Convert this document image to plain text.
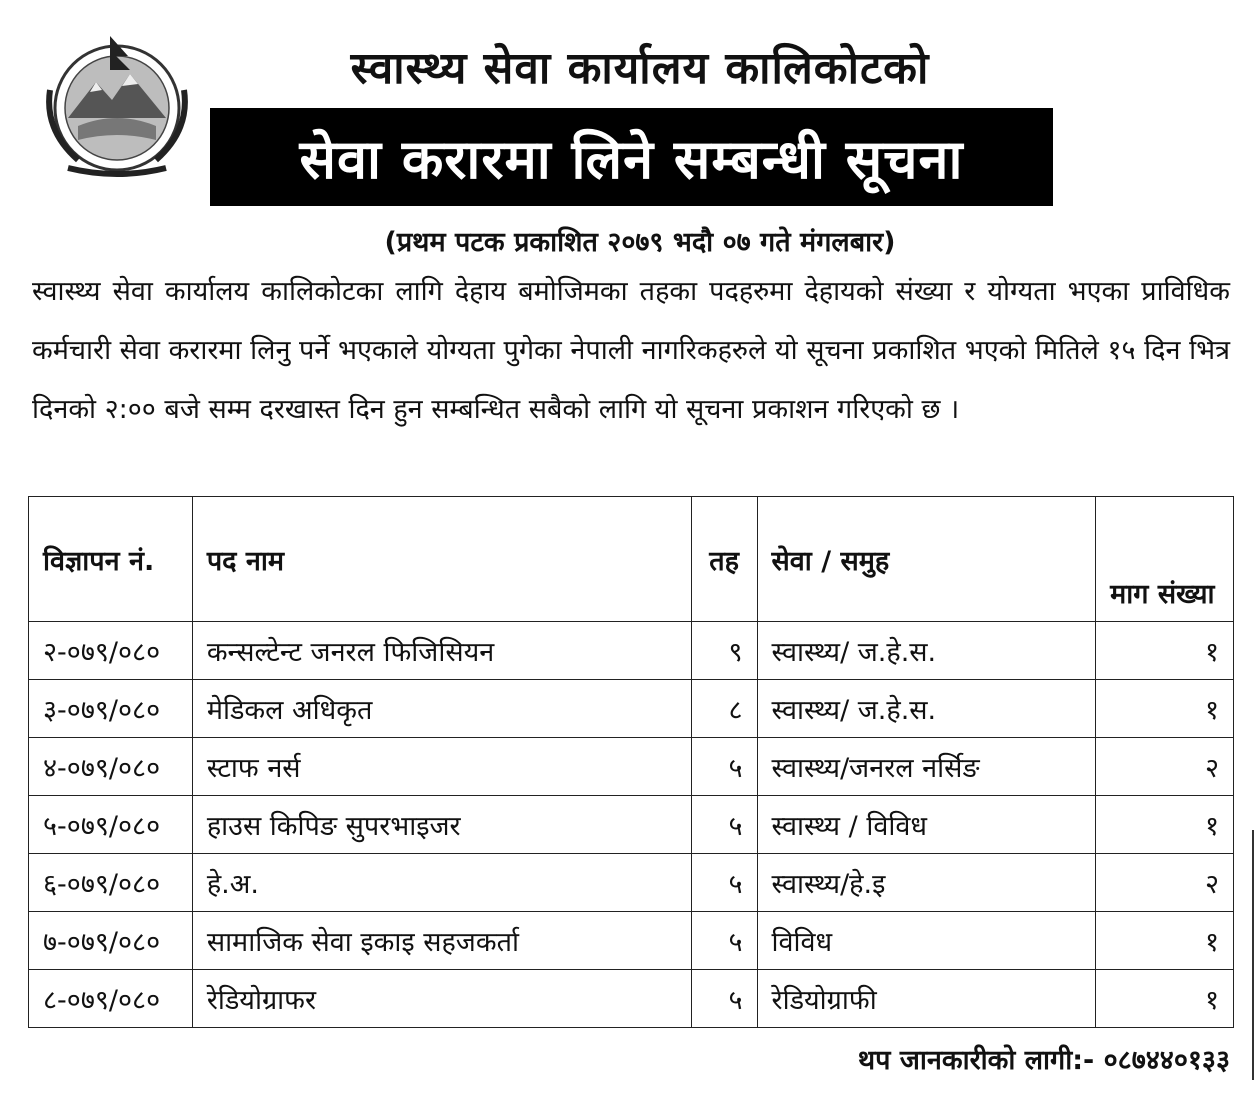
स्वास्थ्य सेवा कार्यालय कालिकोटको
सेवा करारमा लिने सम्बन्धी सूचना
(प्रथम पटक प्रकाशित २०७९ भदौ ०७ गते मंगलबार)
स्वास्थ्य सेवा कार्यालय कालिकोटका लागि देहाय बमोजिमका तहका पदहरुमा देहायको संख्या र योग्यता भएका प्राविधिक कर्मचारी सेवा करारमा लिनु पर्ने भएकाले योग्यता पुगेका नेपाली नागरिकहरुले यो सूचना प्रकाशित भएको मितिले १५ दिन भित्र दिनको २:०० बजे सम्म दरखास्त दिन हुन सम्बन्धित सबैको लागि यो सूचना प्रकाशन गरिएको छ ।
विज्ञापन नं.	पद नाम	तह	सेवा / समुह	माग संख्या
२-०७९/०८०	कन्सल्टेन्ट जनरल फिजिसियन	९	स्वास्थ्य/ ज.हे.स.	१
३-०७९/०८०	मेडिकल अधिकृत	८	स्वास्थ्य/ ज.हे.स.	१
४-०७९/०८०	स्टाफ नर्स	५	स्वास्थ्य/जनरल नर्सिङ	२
५-०७९/०८०	हाउस किपिङ सुपरभाइजर	५	स्वास्थ्य / विविध	१
६-०७९/०८०	हे.अ.	५	स्वास्थ्य/हे.इ	२
७-०७९/०८०	सामाजिक सेवा इकाइ सहजकर्ता	५	विविध	१
८-०७९/०८०	रेडियोग्राफर	५	रेडियोग्राफी	१
थप जानकारीको लागी:- ०८७४४०१३३
